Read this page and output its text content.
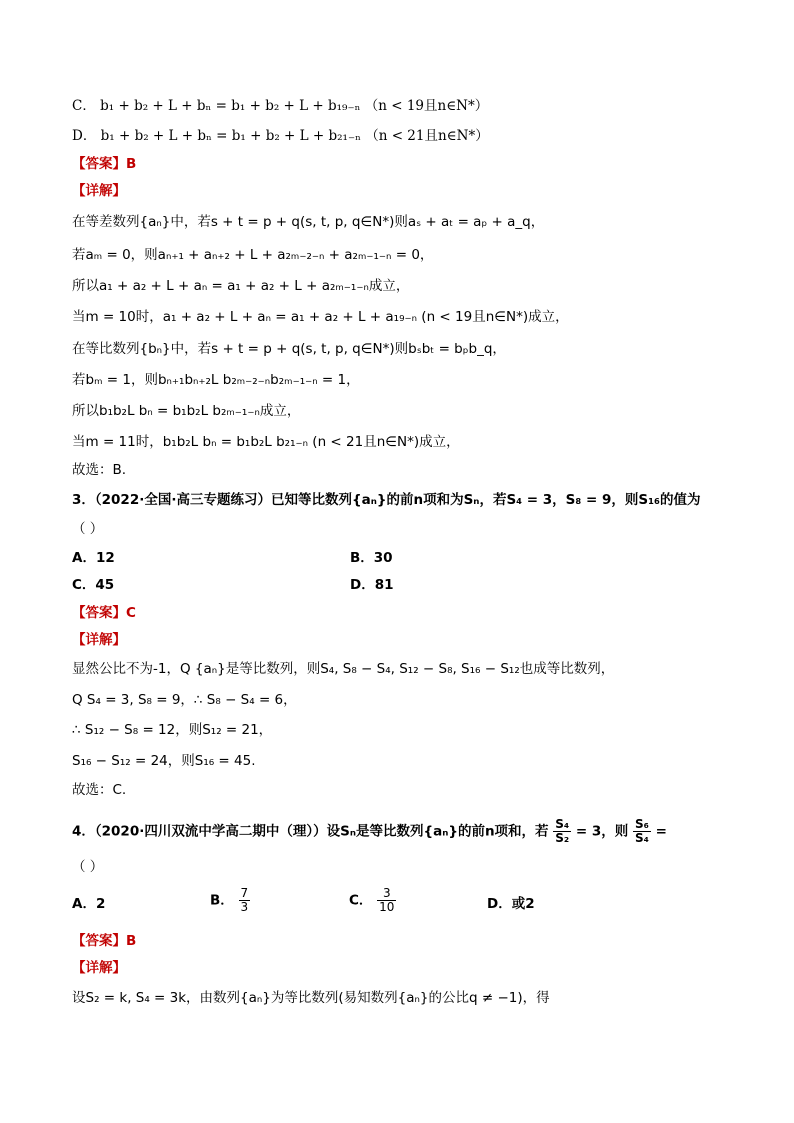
C． b₁ + b₂ + L + bₙ = b₁ + b₂ + L + b₁₉₋ₙ （n < 19且n∈N*）
D． b₁ + b₂ + L + bₙ = b₁ + b₂ + L + b₂₁₋ₙ （n < 21且n∈N*）
【答案】B
【详解】
在等差数列{aₙ}中，若s + t = p + q(s, t, p, q∈N*)则aₛ + aₜ = aₚ + a_q，
若aₘ = 0，则aₙ₊₁ + aₙ₊₂ + L + a₂ₘ₋₂₋ₙ + a₂ₘ₋₁₋ₙ = 0，
所以a₁ + a₂ + L + aₙ = a₁ + a₂ + L + a₂ₘ₋₁₋ₙ成立，
当m = 10时，a₁ + a₂ + L + aₙ = a₁ + a₂ + L + a₁₉₋ₙ (n < 19且n∈N*)成立，
在等比数列{bₙ}中，若s + t = p + q(s, t, p, q∈N*)则bₛbₜ = bₚb_q，
若bₘ = 1，则bₙ₊₁bₙ₊₂L b₂ₘ₋₂₋ₙb₂ₘ₋₁₋ₙ = 1，
所以b₁b₂L bₙ = b₁b₂L b₂ₘ₋₁₋ₙ成立，
当m = 11时，b₁b₂L bₙ = b₁b₂L b₂₁₋ₙ (n < 21且n∈N*)成立，
故选：B.
3．（2022·全国·高三专题练习）已知等比数列{aₙ}的前n项和为Sₙ，若S₄ = 3，S₈ = 9，则S₁₆的值为
（ ）
A．12	B．30
C．45	D．81
【答案】C
【详解】
显然公比不为-1，Q {aₙ}是等比数列，则S₄, S₈ − S₄, S₁₂ − S₈, S₁₆ − S₁₂也成等比数列，
Q S₄ = 3, S₈ = 9，∴ S₈ − S₄ = 6，
∴ S₁₂ − S₈ = 12，则S₁₂ = 21，
S₁₆ − S₁₂ = 24，则S₁₆ = 45.
故选：C.
4．（2020·四川双流中学高二期中（理））设Sₙ是等比数列{aₙ}的前n项和，若 $\frac{\text{S₄}}{\text{S₂}} = 3$，则 $\frac{\text{S₆}}{\text{S₄}}$ =
（ ）
A．2	B． $\frac{7}{3}$	C． $\frac{3}{10}$	D．或2
【答案】B
【详解】
设S₂ = k, S₄ = 3k，由数列{aₙ}为等比数列(易知数列{aₙ}的公比q ≠ −1)，得
